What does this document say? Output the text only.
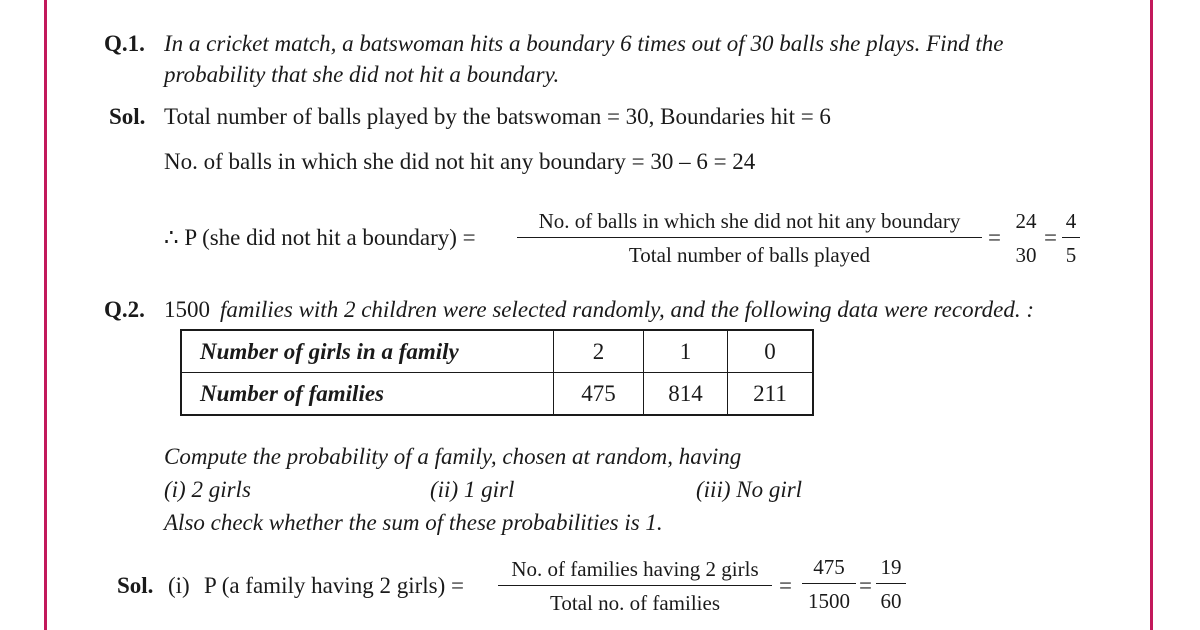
Q.1. In a cricket match, a batswoman hits a boundary 6 times out of 30 balls she plays. Find the
probability that she did not hit a boundary.
Sol. Total number of balls played by the batswoman = 30, Boundaries hit = 6
No. of balls in which she did not hit any boundary = 30 – 6 = 24
∴ P (she did not hit a boundary) =
No. of balls in which she did not hit any boundary
Total number of balls played
=
24
30
=
4
5
Q.2. 1500 families with 2 children were selected randomly, and the following data were recorded. :
Number of girls in a family	2	1	0
Number of families	475	814	211
Compute the probability of a family, chosen at random, having
(i) 2 girls	(ii) 1 girl	(iii) No girl
Also check whether the sum of these probabilities is 1.
Sol. (i) P (a family having 2 girls) =
No. of families having 2 girls
Total no. of families
=
475
1500
=
19
60
